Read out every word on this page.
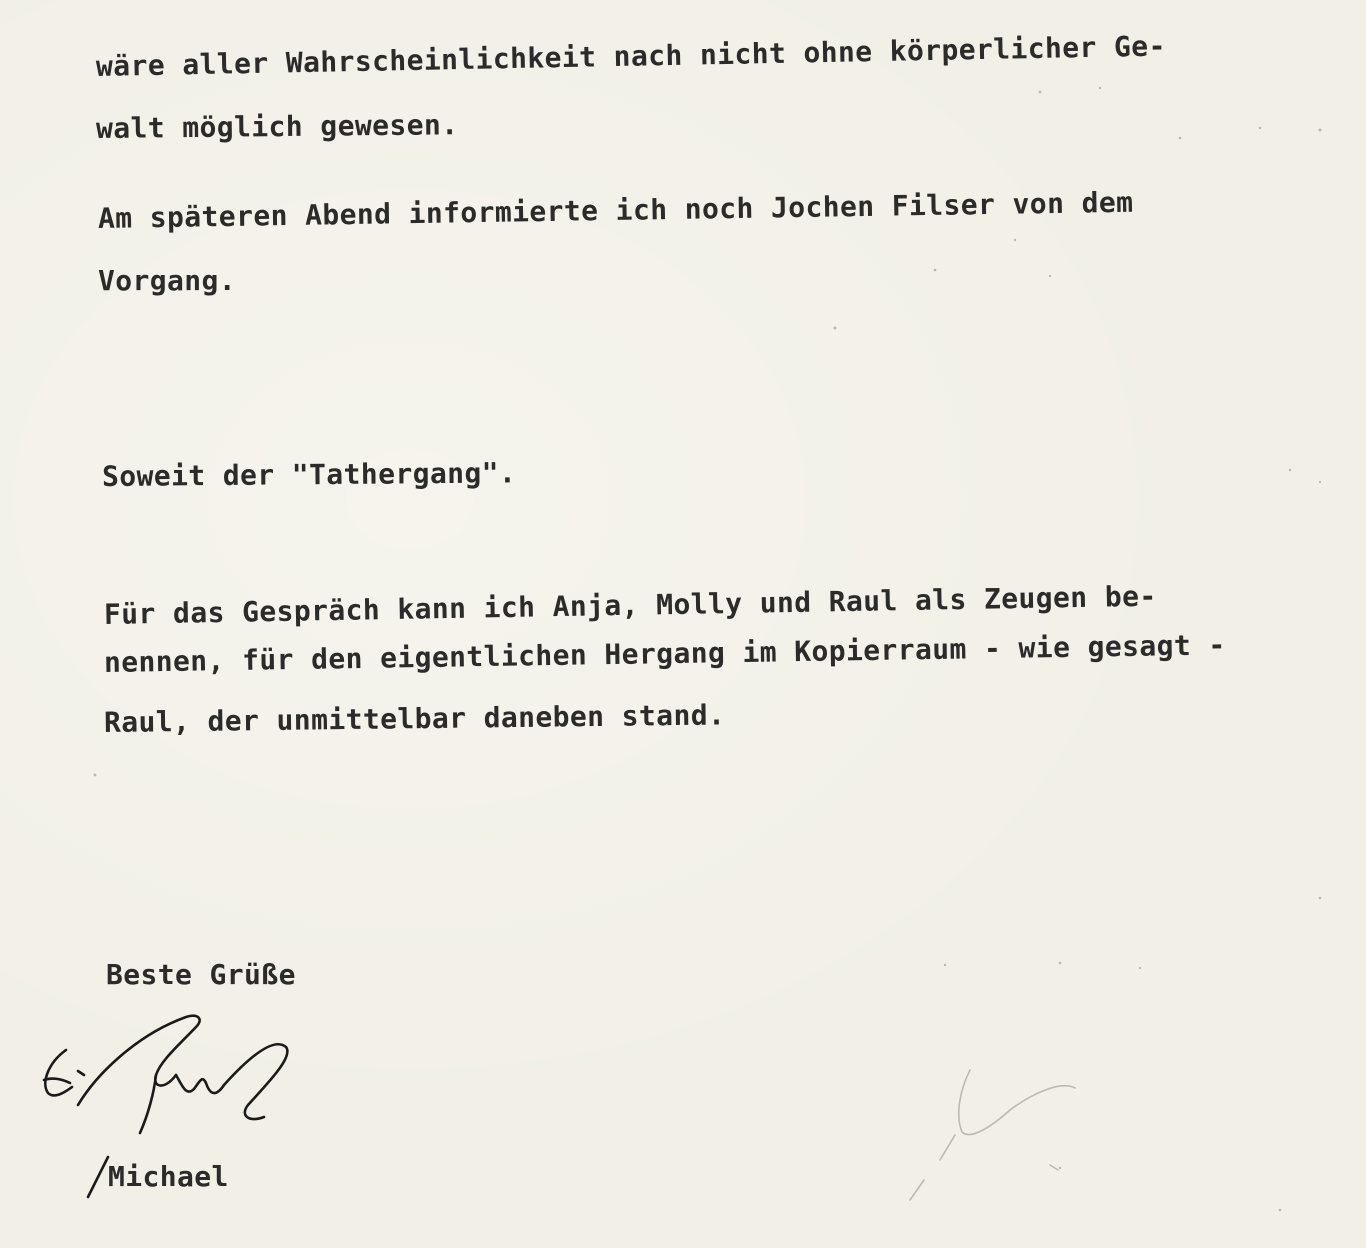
wäre aller Wahrscheinlichkeit nach nicht ohne körperlicher Ge-
walt möglich gewesen.
Am späteren Abend informierte ich noch Jochen Filser von dem
Vorgang.
Soweit der "Tathergang".
Für das Gespräch kann ich Anja, Molly und Raul als Zeugen be-
nennen, für den eigentlichen Hergang im Kopierraum - wie gesagt -
Raul, der unmittelbar daneben stand.
Beste Grüße
Michael
